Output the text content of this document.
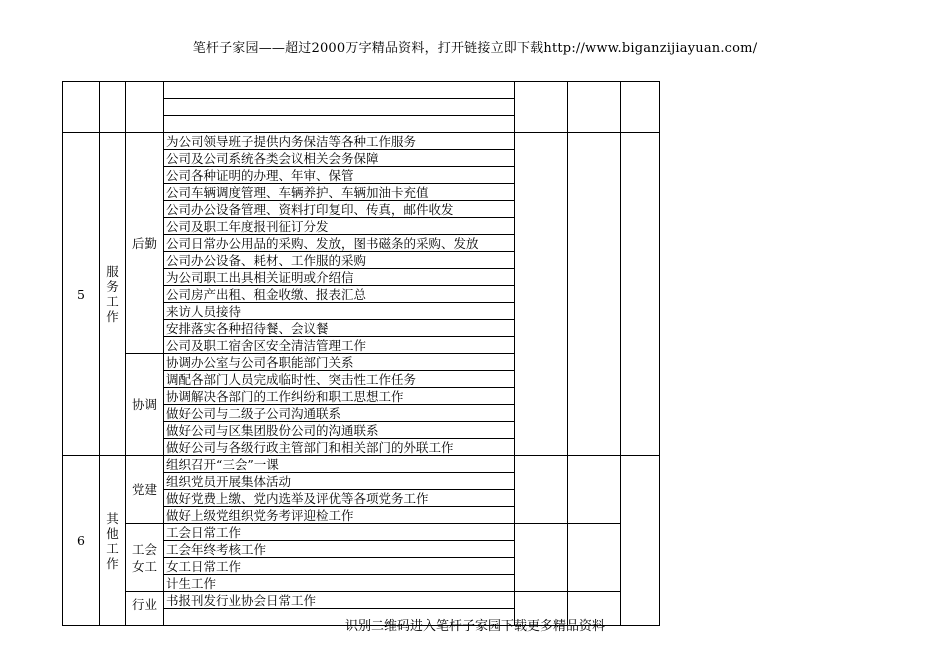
笔杆子家园——超过2000万字精品资料，打开链接立即下载http://www.biganzijiayuan.com/

5	服务工作	后勤	为公司领导班子提供内务保洁等各种工作服务			
			公司及公司系统各类会议相关会务保障			
			公司各种证明的办理、年审、保管			
			公司车辆调度管理、车辆养护、车辆加油卡充值			
			公司办公设备管理、资料打印复印、传真，邮件收发			
			公司及职工年度报刊征订分发			
			公司日常办公用品的采购、发放，图书磁条的采购、发放			
			公司办公设备、耗材、工作服的采购			
			为公司职工出具相关证明或介绍信			
			公司房产出租、租金收缴、报表汇总			
			来访人员接待			
			安排落实各种招待餐、会议餐			
			公司及职工宿舍区安全清洁管理工作			
		协调	协调办公室与公司各职能部门关系			
			调配各部门人员完成临时性、突击性工作任务			
			协调解决各部门的工作纠纷和职工思想工作			
			做好公司与二级子公司沟通联系			
			做好公司与区集团股份公司的沟通联系			
			做好公司与各级行政主管部门和相关部门的外联工作			
6	其他工作	党建	组织召开“三会”一课			
			组织党员开展集体活动			
			做好党费上缴、党内选举及评优等各项党务工作			
			做好上级党组织党务考评迎检工作			
		工会女工	工会日常工作			
			工会年终考核工作			
			女工日常工作			
			计生工作			
		行业	书报刊发行业协会日常工作			

识别二维码进入笔杆子家园下载更多精品资料
